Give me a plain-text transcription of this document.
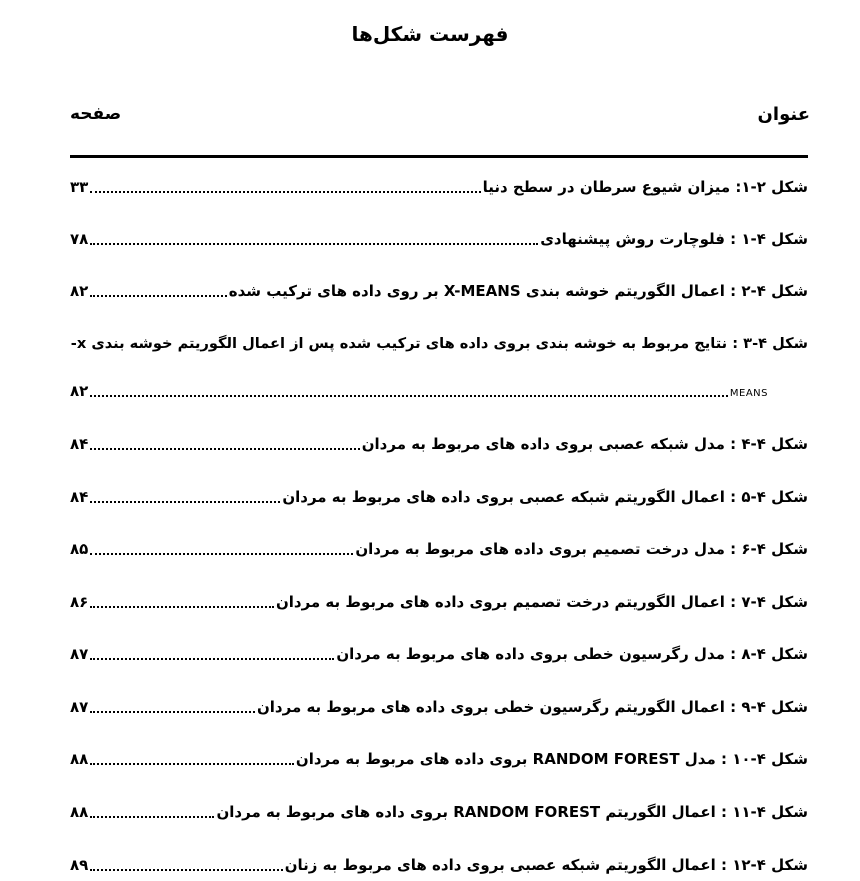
فهرست شکل‌ها
عنوان
صفحه
شکل ۲-۱: میزان شیوع سرطان در سطح دنیا
۳۳
شکل ۴-۱ : فلوچارت روش پیشنهادی
۷۸
شکل ۴-۲ : اعمال الگوریتم خوشه بندی X-MEANS بر روی داده های ترکیب شده
۸۲
شکل ۴-۳ : نتایج مربوط به خوشه بندی بروی داده های ترکیب شده پس از اعمال الگوریتم خوشه بندی x-
MEANS
۸۲
شکل ۴-۴ : مدل شبکه عصبی بروی داده های مربوط به مردان
۸۴
شکل ۴-۵ : اعمال الگوریتم شبکه عصبی بروی داده های مربوط به مردان
۸۴
شکل ۴-۶ : مدل درخت تصمیم بروی داده های مربوط به مردان
۸۵
شکل ۴-۷ : اعمال الگوریتم درخت تصمیم بروی داده های مربوط به مردان
۸۶
شکل ۴-۸ : مدل رگرسیون خطی بروی داده های مربوط به مردان
۸۷
شکل ۴-۹ : اعمال الگوریتم رگرسیون خطی بروی داده های مربوط به مردان
۸۷
شکل ۴-۱۰ : مدل RANDOM FOREST بروی داده های مربوط به مردان
۸۸
شکل ۴-۱۱ : اعمال الگوریتم RANDOM FOREST بروی داده های مربوط به مردان
۸۸
شکل ۴-۱۲ : اعمال الگوریتم شبکه عصبی بروی داده های مربوط به زنان
۸۹
